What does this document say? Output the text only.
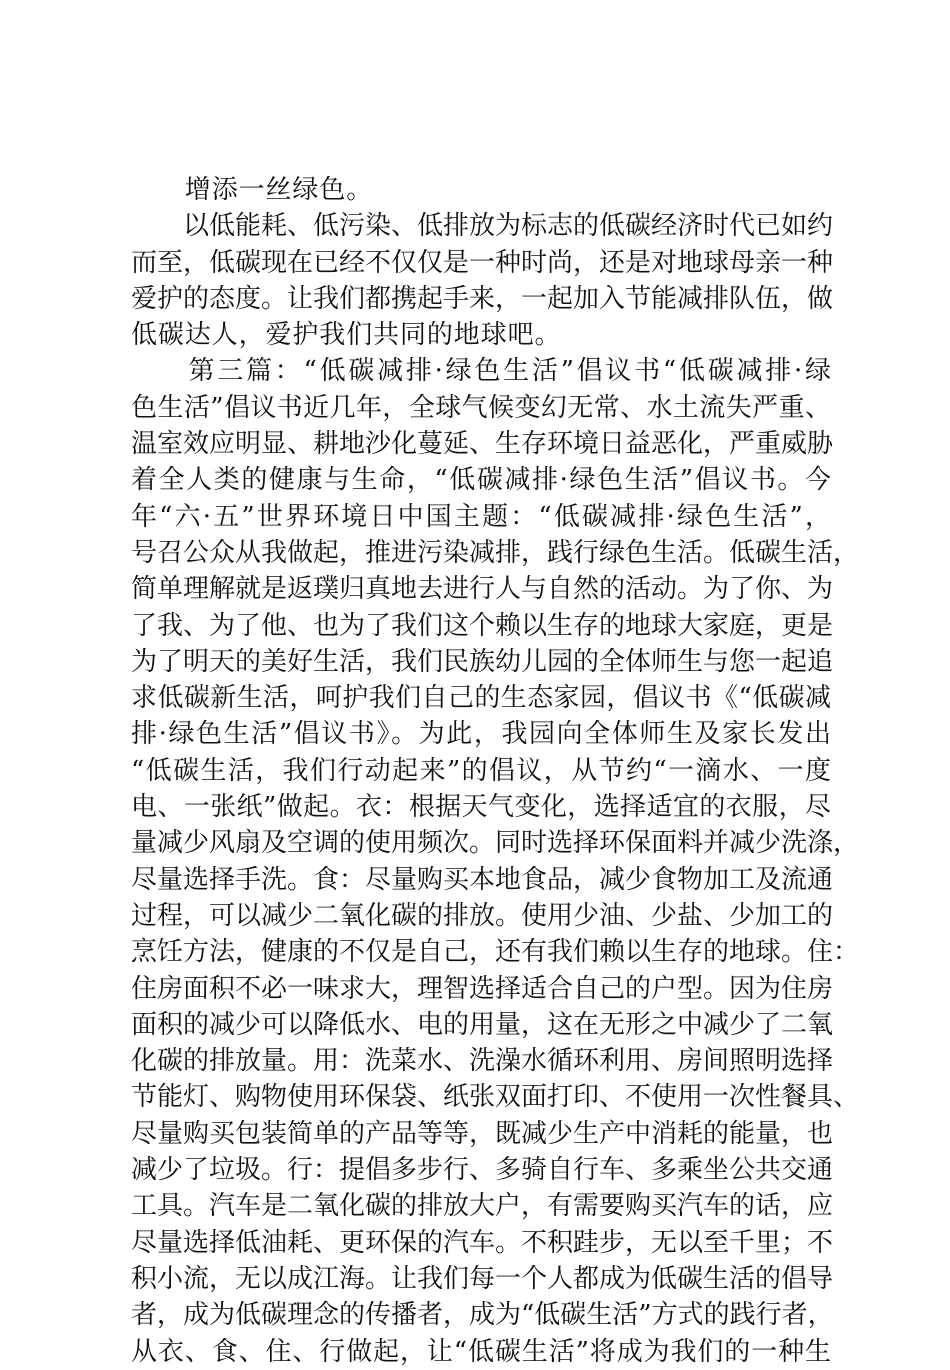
　　增添一丝绿色。
　　以低能耗、低污染、低排放为标志的低碳经济时代已如约
而至，低碳现在已经不仅仅是一种时尚，还是对地球母亲一种
爱护的态度。让我们都携起手来，一起加入节能减排队伍，做
低碳达人，爱护我们共同的地球吧。
　　第三篇：“低碳减排·绿色生活”倡议书“低碳减排·绿
色生活”倡议书近几年，全球气候变幻无常、水土流失严重、
温室效应明显、耕地沙化蔓延、生存环境日益恶化，严重威胁
着全人类的健康与生命，“低碳减排·绿色生活”倡议书。今
年“六·五”世界环境日中国主题：“低碳减排·绿色生活”，
号召公众从我做起，推进污染减排，践行绿色生活。低碳生活，
简单理解就是返璞归真地去进行人与自然的活动。为了你、为
了我、为了他、也为了我们这个赖以生存的地球大家庭，更是
为了明天的美好生活，我们民族幼儿园的全体师生与您一起追
求低碳新生活，呵护我们自己的生态家园，倡议书《“低碳减
排·绿色生活”倡议书》。为此，我园向全体师生及家长发出
“低碳生活，我们行动起来”的倡议，从节约“一滴水、一度
电、一张纸”做起。衣：根据天气变化，选择适宜的衣服，尽
量减少风扇及空调的使用频次。同时选择环保面料并减少洗涤，
尽量选择手洗。食：尽量购买本地食品，减少食物加工及流通
过程，可以减少二氧化碳的排放。使用少油、少盐、少加工的
烹饪方法，健康的不仅是自己，还有我们赖以生存的地球。住：
住房面积不必一味求大，理智选择适合自己的户型。因为住房
面积的减少可以降低水、电的用量，这在无形之中减少了二氧
化碳的排放量。用：洗菜水、洗澡水循环利用、房间照明选择
节能灯、购物使用环保袋、纸张双面打印、不使用一次性餐具、
尽量购买包装简单的产品等等，既减少生产中消耗的能量，也
减少了垃圾。行：提倡多步行、多骑自行车、多乘坐公共交通
工具。汽车是二氧化碳的排放大户，有需要购买汽车的话，应
尽量选择低油耗、更环保的汽车。不积跬步，无以至千里；不
积小流，无以成江海。让我们每一个人都成为低碳生活的倡导
者，成为低碳理念的传播者，成为“低碳生活”方式的践行者，
从衣、食、住、行做起，让“低碳生活”将成为我们的一种生
